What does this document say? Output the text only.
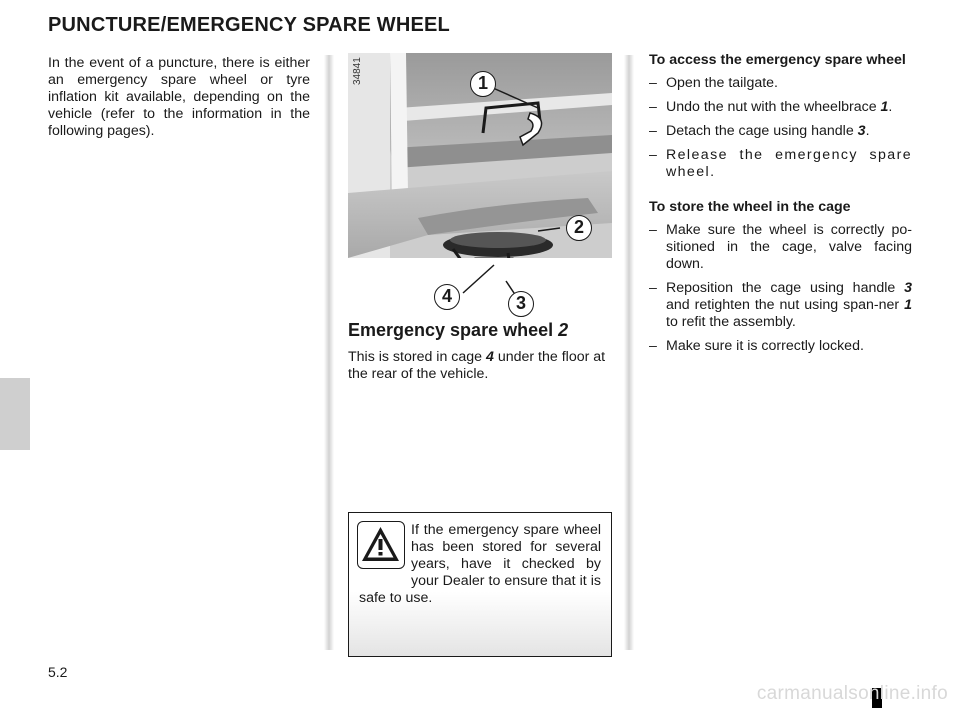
PUNCTURE/EMERGENCY SPARE WHEEL
In the event of a puncture, there is either an emergency spare wheel or tyre inflation kit available, depending on the vehicle (refer to the information in the following pages).
34841	1
2
3
4
Emergency spare wheel 2
This is stored in cage 4 under the floor at the rear of the vehicle.
If the emergency spare wheel has been stored for several years, have it checked by your Dealer to ensure that it is safe to use.
To access the emergency spare wheel
– Open the tailgate.
– Undo the nut with the wheelbrace 1.
– Detach the cage using handle 3.
– Release the emergency spare wheel.
To store the wheel in the cage
– Make sure the wheel is correctly po-sitioned in the cage, valve facing down.
– Reposition the cage using handle 3 and retighten the nut using span-ner 1 to refit the assembly.
– Make sure it is correctly locked.
5.2
carmanualsonline.info
